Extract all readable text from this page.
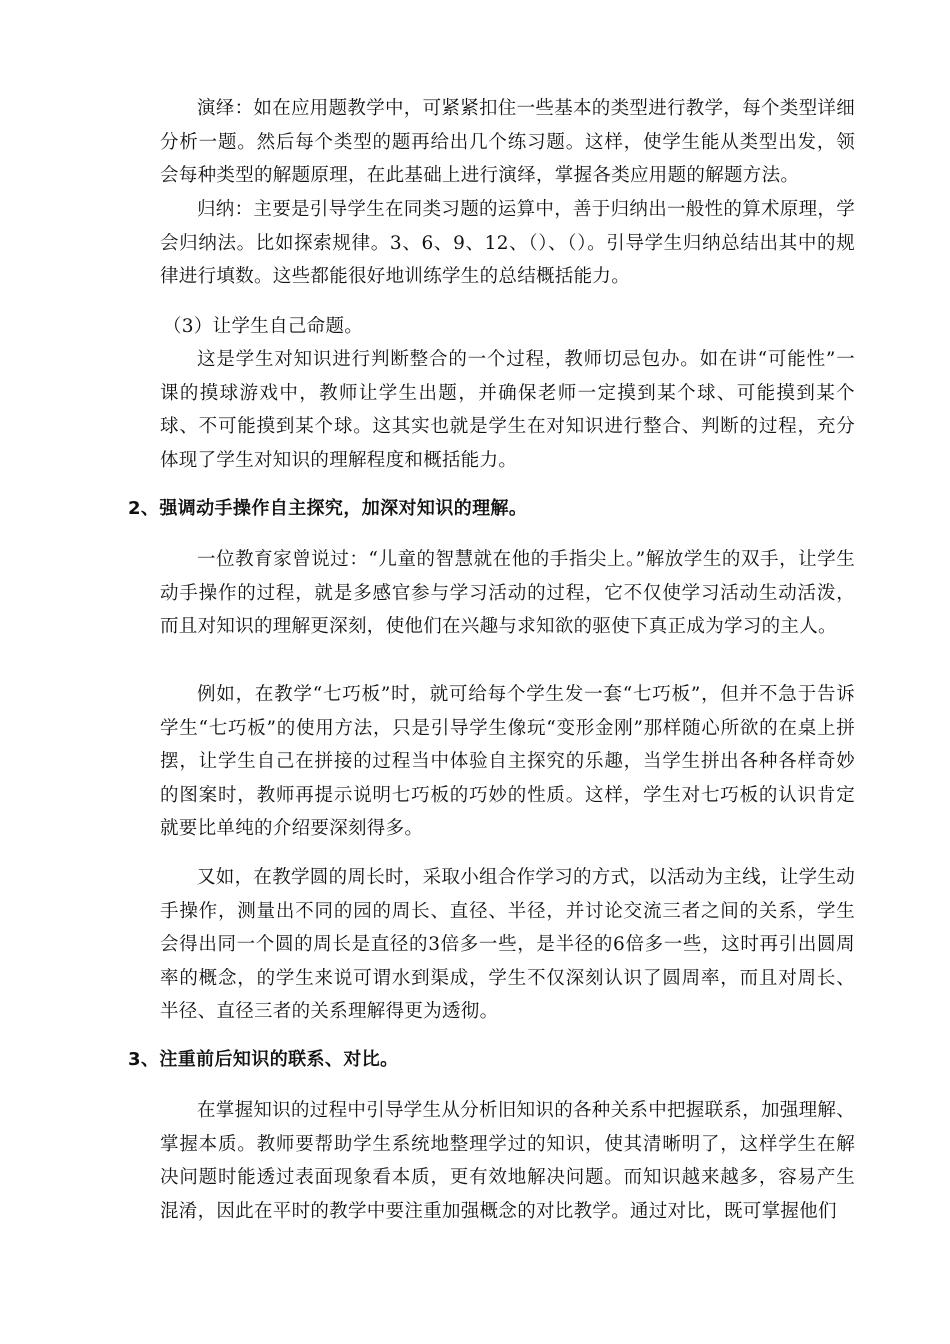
演绎：如在应用题教学中，可紧紧扣住一些基本的类型进行教学，每个类型详细分析一题。然后每个类型的题再给出几个练习题。这样，使学生能从类型出发，领会每种类型的解题原理，在此基础上进行演绎，掌握各类应用题的解题方法。

归纳：主要是引导学生在同类习题的运算中，善于归纳出一般性的算术原理，学会归纳法。比如探索规律。3、6、9、12、（）、（）。引导学生归纳总结出其中的规律进行填数。这些都能很好地训练学生的总结概括能力。

（3）让学生自己命题。

这是学生对知识进行判断整合的一个过程，教师切忌包办。如在讲“可能性”一课的摸球游戏中，教师让学生出题，并确保老师一定摸到某个球、可能摸到某个球、不可能摸到某个球。这其实也就是学生在对知识进行整合、判断的过程，充分体现了学生对知识的理解程度和概括能力。

2、强调动手操作自主探究，加深对知识的理解。

一位教育家曾说过：“儿童的智慧就在他的手指尖上。”解放学生的双手，让学生动手操作的过程，就是多感官参与学习活动的过程，它不仅使学习活动生动活泼，而且对知识的理解更深刻，使他们在兴趣与求知欲的驱使下真正成为学习的主人。

例如，在教学“七巧板”时，就可给每个学生发一套“七巧板”，但并不急于告诉学生“七巧板”的使用方法，只是引导学生像玩“变形金刚”那样随心所欲的在桌上拼摆，让学生自己在拼接的过程当中体验自主探究的乐趣，当学生拼出各种各样奇妙的图案时，教师再提示说明七巧板的巧妙的性质。这样，学生对七巧板的认识肯定就要比单纯的介绍要深刻得多。

又如，在教学圆的周长时，采取小组合作学习的方式，以活动为主线，让学生动手操作，测量出不同的园的周长、直径、半径，并讨论交流三者之间的关系，学生会得出同一个圆的周长是直径的3倍多一些，是半径的6倍多一些，这时再引出圆周率的概念，的学生来说可谓水到渠成，学生不仅深刻认识了圆周率，而且对周长、半径、直径三者的关系理解得更为透彻。

3、注重前后知识的联系、对比。

在掌握知识的过程中引导学生从分析旧知识的各种关系中把握联系，加强理解、掌握本质。教师要帮助学生系统地整理学过的知识，使其清晰明了，这样学生在解决问题时能透过表面现象看本质，更有效地解决问题。而知识越来越多，容易产生混淆，因此在平时的教学中要注重加强概念的对比教学。通过对比，既可掌握他们
